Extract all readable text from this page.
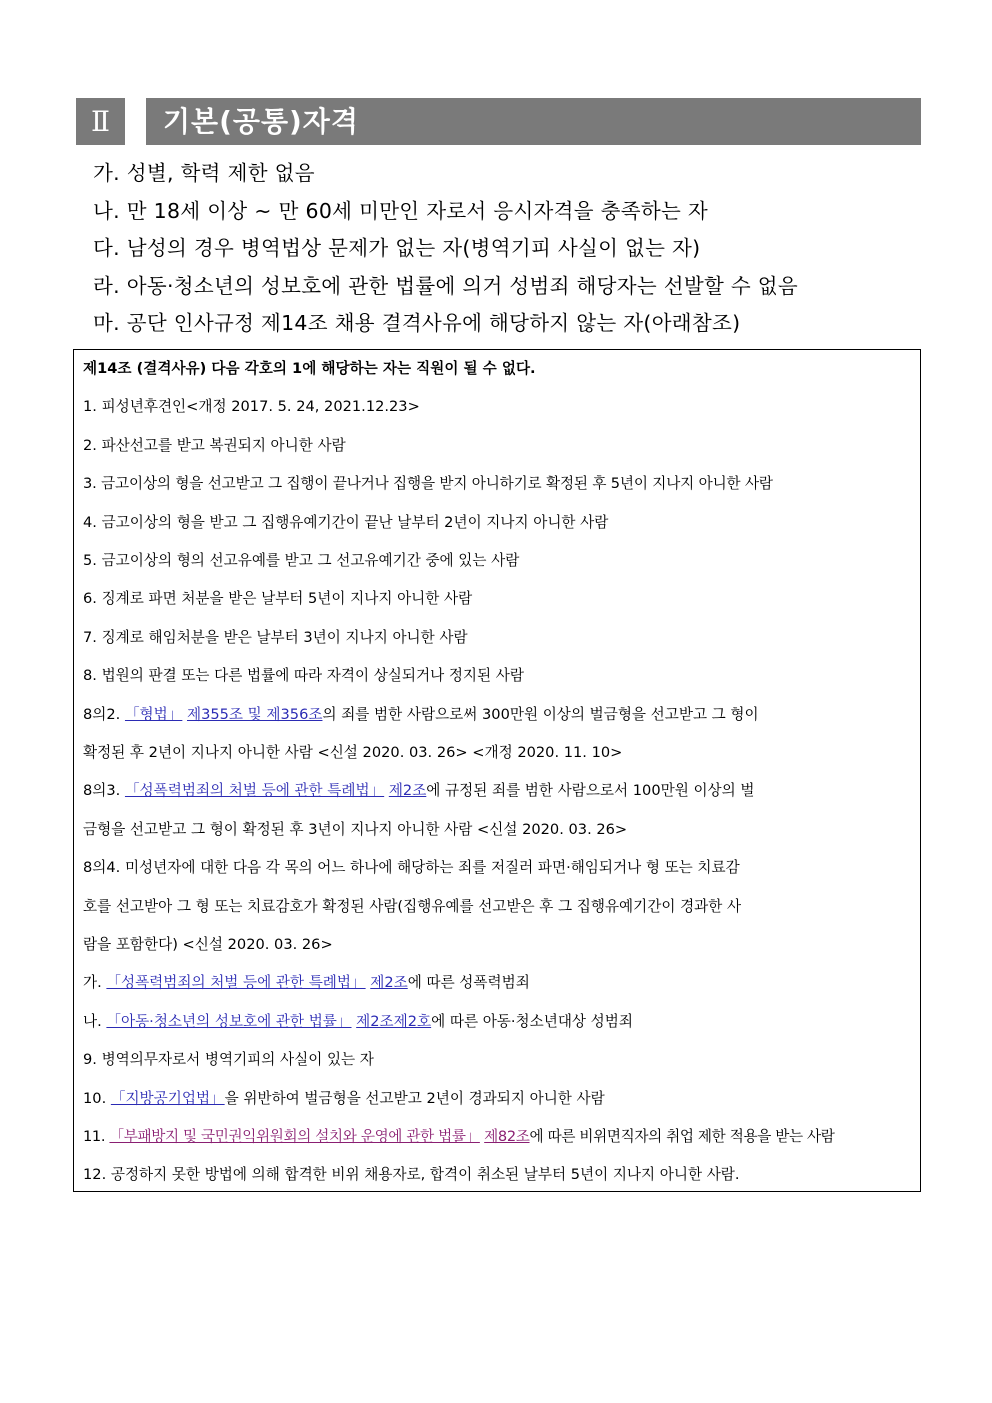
Ⅱ	기본(공통)자격
가. 성별, 학력 제한 없음
나. 만 18세 이상 ~ 만 60세 미만인 자로서 응시자격을 충족하는 자
다. 남성의 경우 병역법상 문제가 없는 자(병역기피 사실이 없는 자)
라. 아동·청소년의 성보호에 관한 법률에 의거 성범죄 해당자는 선발할 수 없음
마. 공단 인사규정 제14조 채용 결격사유에 해당하지 않는 자(아래참조)
제14조 (결격사유) 다음 각호의 1에 해당하는 자는 직원이 될 수 없다.
1. 피성년후견인<개정 2017. 5. 24, 2021.12.23>
2. 파산선고를 받고 복권되지 아니한 사람
3. 금고이상의 형을 선고받고 그 집행이 끝나거나 집행을 받지 아니하기로 확정된 후 5년이 지나지 아니한 사람
4. 금고이상의 형을 받고 그 집행유예기간이 끝난 날부터 2년이 지나지 아니한 사람
5. 금고이상의 형의 선고유예를 받고 그 선고유예기간 중에 있는 사람
6. 징계로 파면 처분을 받은 날부터 5년이 지나지 아니한 사람
7. 징계로 해임처분을 받은 날부터 3년이 지나지 아니한 사람
8. 법원의 판결 또는 다른 법률에 따라 자격이 상실되거나 정지된 사람
8의2. 「형법」 제355조 및 제356조의 죄를 범한 사람으로써 300만원 이상의 벌금형을 선고받고 그 형이
확정된 후 2년이 지나지 아니한 사람 <신설 2020. 03. 26> <개정 2020. 11. 10>
8의3. 「성폭력범죄의 처벌 등에 관한 특례법」 제2조에 규정된 죄를 범한 사람으로서 100만원 이상의 벌
금형을 선고받고 그 형이 확정된 후 3년이 지나지 아니한 사람 <신설 2020. 03. 26>
8의4. 미성년자에 대한 다음 각 목의 어느 하나에 해당하는 죄를 저질러 파면·해임되거나 형 또는 치료감
호를 선고받아 그 형 또는 치료감호가 확정된 사람(집행유예를 선고받은 후 그 집행유예기간이 경과한 사
람을 포함한다) <신설 2020. 03. 26>
가. 「성폭력범죄의 처벌 등에 관한 특례법」 제2조에 따른 성폭력범죄
나. 「아동·청소년의 성보호에 관한 법률」 제2조제2호에 따른 아동·청소년대상 성범죄
9. 병역의무자로서 병역기피의 사실이 있는 자
10. 「지방공기업법」을 위반하여 벌금형을 선고받고 2년이 경과되지 아니한 사람
11. 「부패방지 및 국민권익위원회의 설치와 운영에 관한 법률」 제82조에 따른 비위면직자의 취업 제한 적용을 받는 사람
12. 공정하지 못한 방법에 의해 합격한 비위 채용자로, 합격이 취소된 날부터 5년이 지나지 아니한 사람.
